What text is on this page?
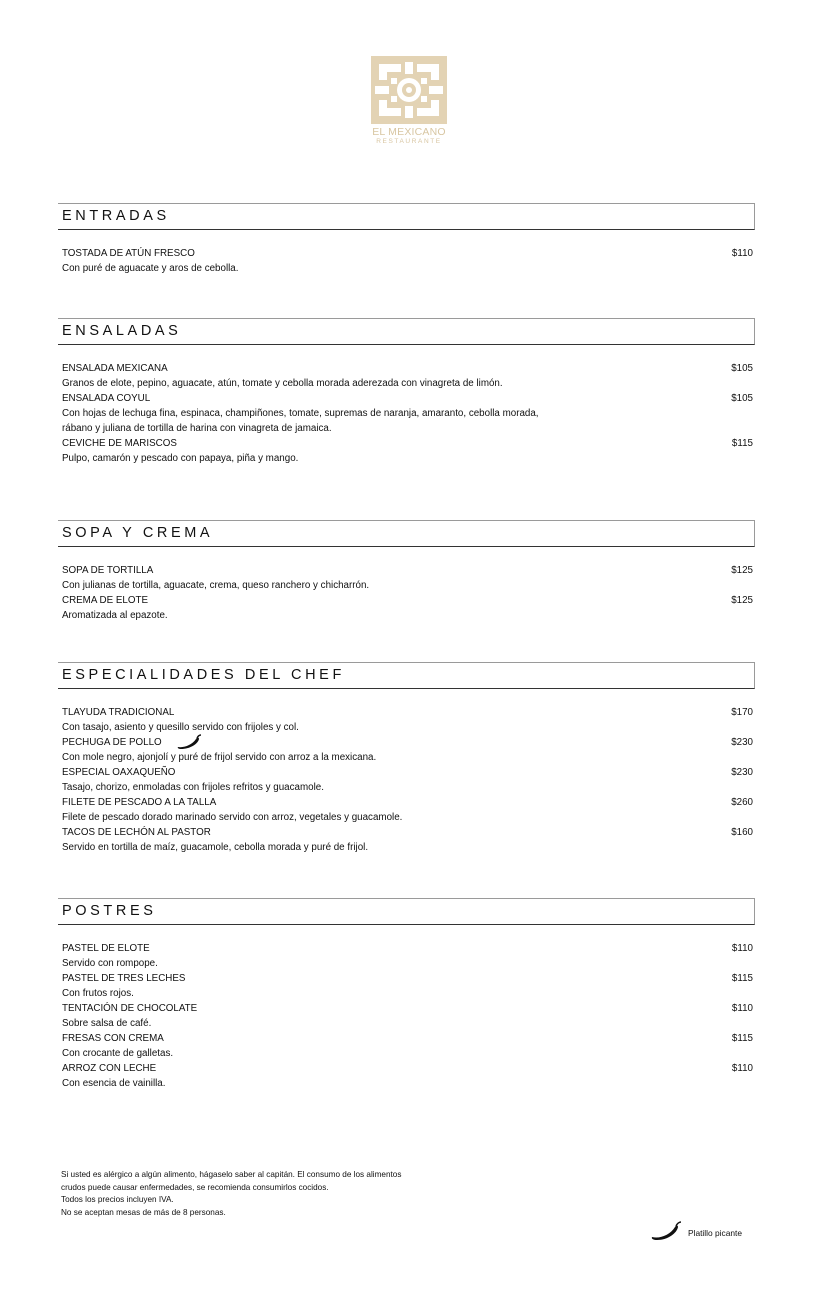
EL MEXICANO
RESTAURANTE
ENTRADAS
TOSTADA DE ATÚN FRESCO	$110
Con puré de aguacate y aros de cebolla.
ENSALADAS
ENSALADA MEXICANA	$105
Granos de elote, pepino, aguacate, atún, tomate y cebolla morada aderezada con vinagreta de limón.
ENSALADA COYUL	$105
Con hojas de lechuga fina, espinaca, champiñones, tomate, supremas de naranja, amaranto, cebolla morada,
rábano y juliana de tortilla de harina con vinagreta de jamaica.
CEVICHE DE MARISCOS	$115
Pulpo, camarón y pescado con papaya, piña y mango.
SOPA Y CREMA
SOPA DE TORTILLA	$125
Con julianas de tortilla, aguacate, crema, queso ranchero y chicharrón.
CREMA DE ELOTE	$125
Aromatizada al epazote.
ESPECIALIDADES DEL CHEF
TLAYUDA TRADICIONAL	$170
Con tasajo, asiento y quesillo servido con frijoles y col.
PECHUGA DE POLLO	$230
Con mole negro, ajonjolí y puré de frijol servido con arroz a la mexicana.
ESPECIAL OAXAQUEÑO	$230
Tasajo, chorizo, enmoladas con frijoles refritos y guacamole.
FILETE DE PESCADO A LA TALLA	$260
Filete de pescado dorado marinado servido con arroz, vegetales y guacamole.
TACOS DE LECHÓN AL PASTOR	$160
Servido en tortilla de maíz, guacamole, cebolla morada y puré de frijol.
POSTRES
PASTEL DE ELOTE	$110
Servido con rompope.
PASTEL DE TRES LECHES	$115
Con frutos rojos.
TENTACIÓN DE CHOCOLATE	$110
Sobre salsa de café.
FRESAS CON CREMA	$115
Con crocante de galletas.
ARROZ CON LECHE	$110
Con esencia de vainilla.
Si usted es alérgico a algún alimento, hágaselo saber al capitán. El consumo de los alimentos
crudos puede causar enfermedades, se recomienda consumirlos cocidos.
Todos los precios incluyen IVA.
No se aceptan mesas de más de 8 personas.
Platillo picante
